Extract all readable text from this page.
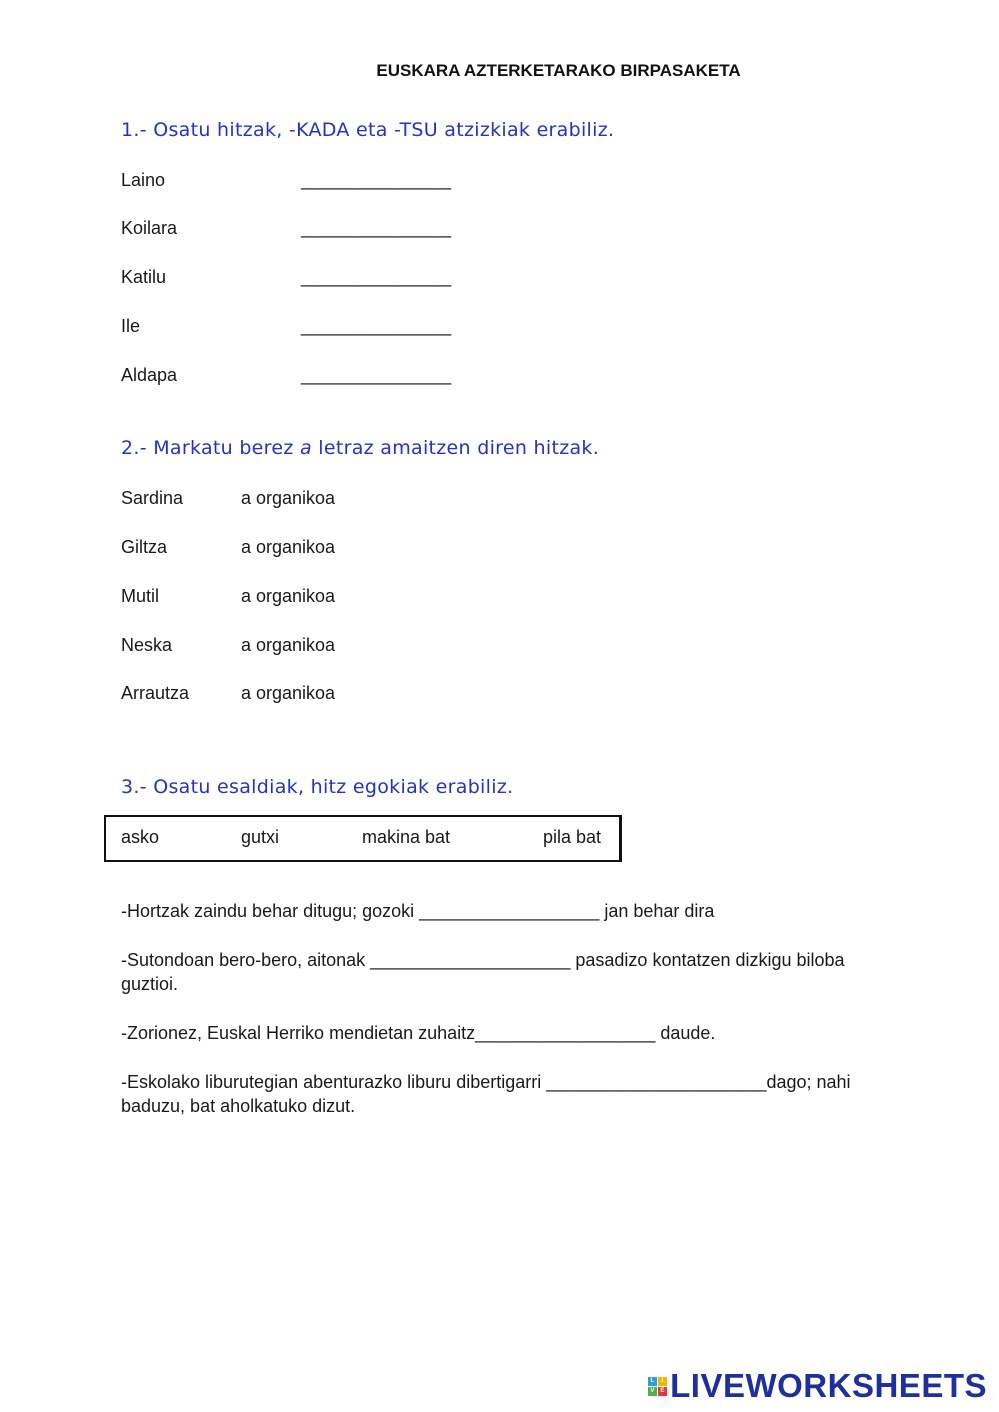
EUSKARA AZTERKETARAKO BIRPASAKETA
1.- Osatu hitzak, -KADA eta -TSU atzizkiak erabiliz.
Laino	_______________
Koilara	_______________
Katilu	_______________
Ile	_______________
Aldapa	_______________
2.- Markatu berez a letraz amaitzen diren hitzak.
Sardina	a organikoa
Giltza	a organikoa
Mutil	a organikoa
Neska	a organikoa
Arrautza	a organikoa
3.- Osatu esaldiak, hitz egokiak erabiliz.
asko	gutxi	makina bat	pila bat
-Hortzak zaindu behar ditugu; gozoki __________________ jan behar dira
-Sutondoan bero-bero, aitonak ____________________ pasadizo kontatzen dizkigu biloba guztioi.
-Zorionez, Euskal Herriko mendietan zuhaitz__________________ daude.
-Eskolako liburutegian abenturazko liburu dibertigarri ______________________dago; nahi baduzu, bat aholkatuko dizut.
L	I
V E LIVEWORKSHEETS
